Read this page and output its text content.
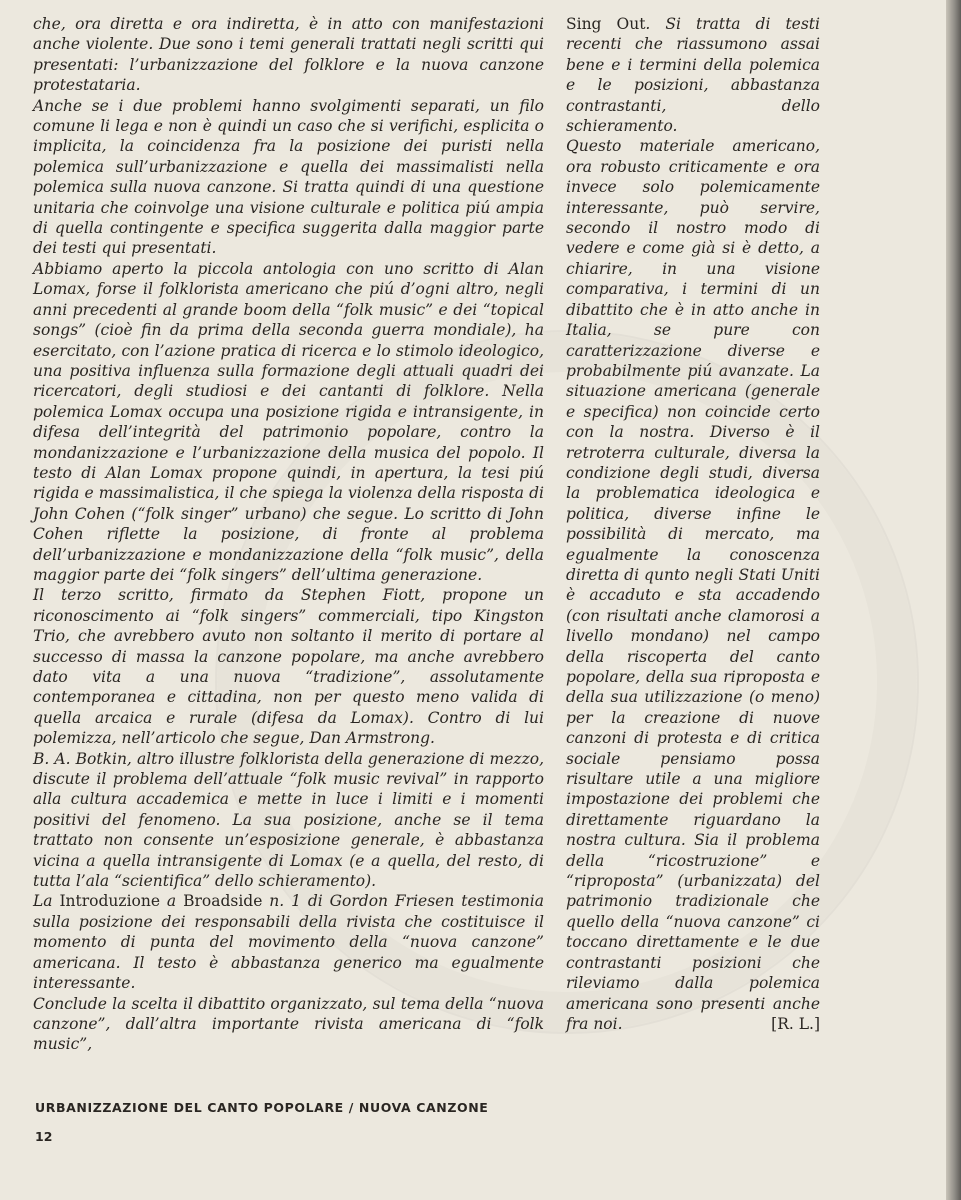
che, ora diretta e ora indiretta, è in atto con manifestazioni anche violente. Due sono i temi generali trattati negli scritti qui presentati: l’urbanizzazione del folklore e la nuova canzone protestataria.

Anche se i due problemi hanno svolgimenti separati, un filo comune li lega e non è quindi un caso che si verifichi, esplicita o implicita, la coincidenza fra la posizione dei puristi nella polemica sull’urbanizzazione e quella dei massimalisti nella polemica sulla nuova canzone. Si tratta quindi di una questione unitaria che coinvolge una visione culturale e politica piú ampia di quella contingente e specifica suggerita dalla maggior parte dei testi qui presentati.

Abbiamo aperto la piccola antologia con uno scritto di Alan Lomax, forse il folklorista americano che piú d’ogni altro, negli anni precedenti al grande boom della “folk music” e dei “topical songs” (cioè fin da prima della seconda guerra mondiale), ha esercitato, con l’azione pratica di ricerca e lo stimolo ideologico, una positiva influenza sulla formazione degli attuali quadri dei ricercatori, degli studiosi e dei cantanti di folklore. Nella polemica Lomax occupa una posizione rigida e intransigente, in difesa dell’integrità del patrimonio popolare, contro la mondanizzazione e l’urbanizzazione della musica del popolo. Il testo di Alan Lomax propone quindi, in apertura, la tesi piú rigida e massimalistica, il che spiega la violenza della risposta di John Cohen (“folk singer” urbano) che segue. Lo scritto di John Cohen riflette la posizione, di fronte al problema dell’urbanizzazione e mondanizzazione della “folk music”, della maggior parte dei “folk singers” dell’ultima generazione.

Il terzo scritto, firmato da Stephen Fiott, propone un riconoscimento ai “folk singers” commerciali, tipo Kingston Trio, che avrebbero avuto non soltanto il merito di portare al successo di massa la canzone popolare, ma anche avrebbero dato vita a una nuova “tradizione”, assolutamente contemporanea e cittadina, non per questo meno valida di quella arcaica e rurale (difesa da Lomax). Contro di lui polemizza, nell’articolo che segue, Dan Armstrong.

B. A. Botkin, altro illustre folklorista della generazione di mezzo, discute il problema dell’attuale “folk music revival” in rapporto alla cultura accademica e mette in luce i limiti e i momenti positivi del fenomeno. La sua posizione, anche se il tema trattato non consente un’esposizione generale, è abbastanza vicina a quella intransigente di Lomax (e a quella, del resto, di tutta l’ala “scientifica” dello schieramento).

La Introduzione a Broadside n. 1 di Gordon Friesen testimonia sulla posizione dei responsabili della rivista che costituisce il momento di punta del movimento della “nuova canzone” americana. Il testo è abbastanza generico ma egualmente interessante.

Conclude la scelta il dibattito organizzato, sul tema della “nuova canzone”, dall’altra importante rivista americana di “folk music”,

Sing Out. Si tratta di testi recenti che riassumono assai bene e i termini della polemica e le posizioni, abbastanza contrastanti, dello schieramento.

Questo materiale americano, ora robusto criticamente e ora invece solo polemicamente interessante, può servire, secondo il nostro modo di vedere e come già si è detto, a chiarire, in una visione comparativa, i termini di un dibattito che è in atto anche in Italia, se pure con caratterizzazione diverse e probabilmente piú avanzate. La situazione americana (generale e specifica) non coincide certo con la nostra. Diverso è il retroterra culturale, diversa la condizione degli studi, diversa la problematica ideologica e politica, diverse infine le possibilità di mercato, ma egualmente la conoscenza diretta di qunto negli Stati Uniti è accaduto e sta accadendo (con risultati anche clamorosi a livello mondano) nel campo della riscoperta del canto popolare, della sua riproposta e della sua utilizzazione (o meno) per la creazione di nuove canzoni di protesta e di critica sociale pensiamo possa risultare utile a una migliore impostazione dei problemi che direttamente riguardano la nostra cultura. Sia il problema della “ricostruzione” e “riproposta” (urbanizzata) del patrimonio tradizionale che quello della “nuova canzone” ci toccano direttamente e le due contrastanti posizioni che rileviamo dalla polemica americana sono presenti anche fra noi.	[R. L.]

URBANIZZAZIONE DEL CANTO POPOLARE / NUOVA CANZONE
12
